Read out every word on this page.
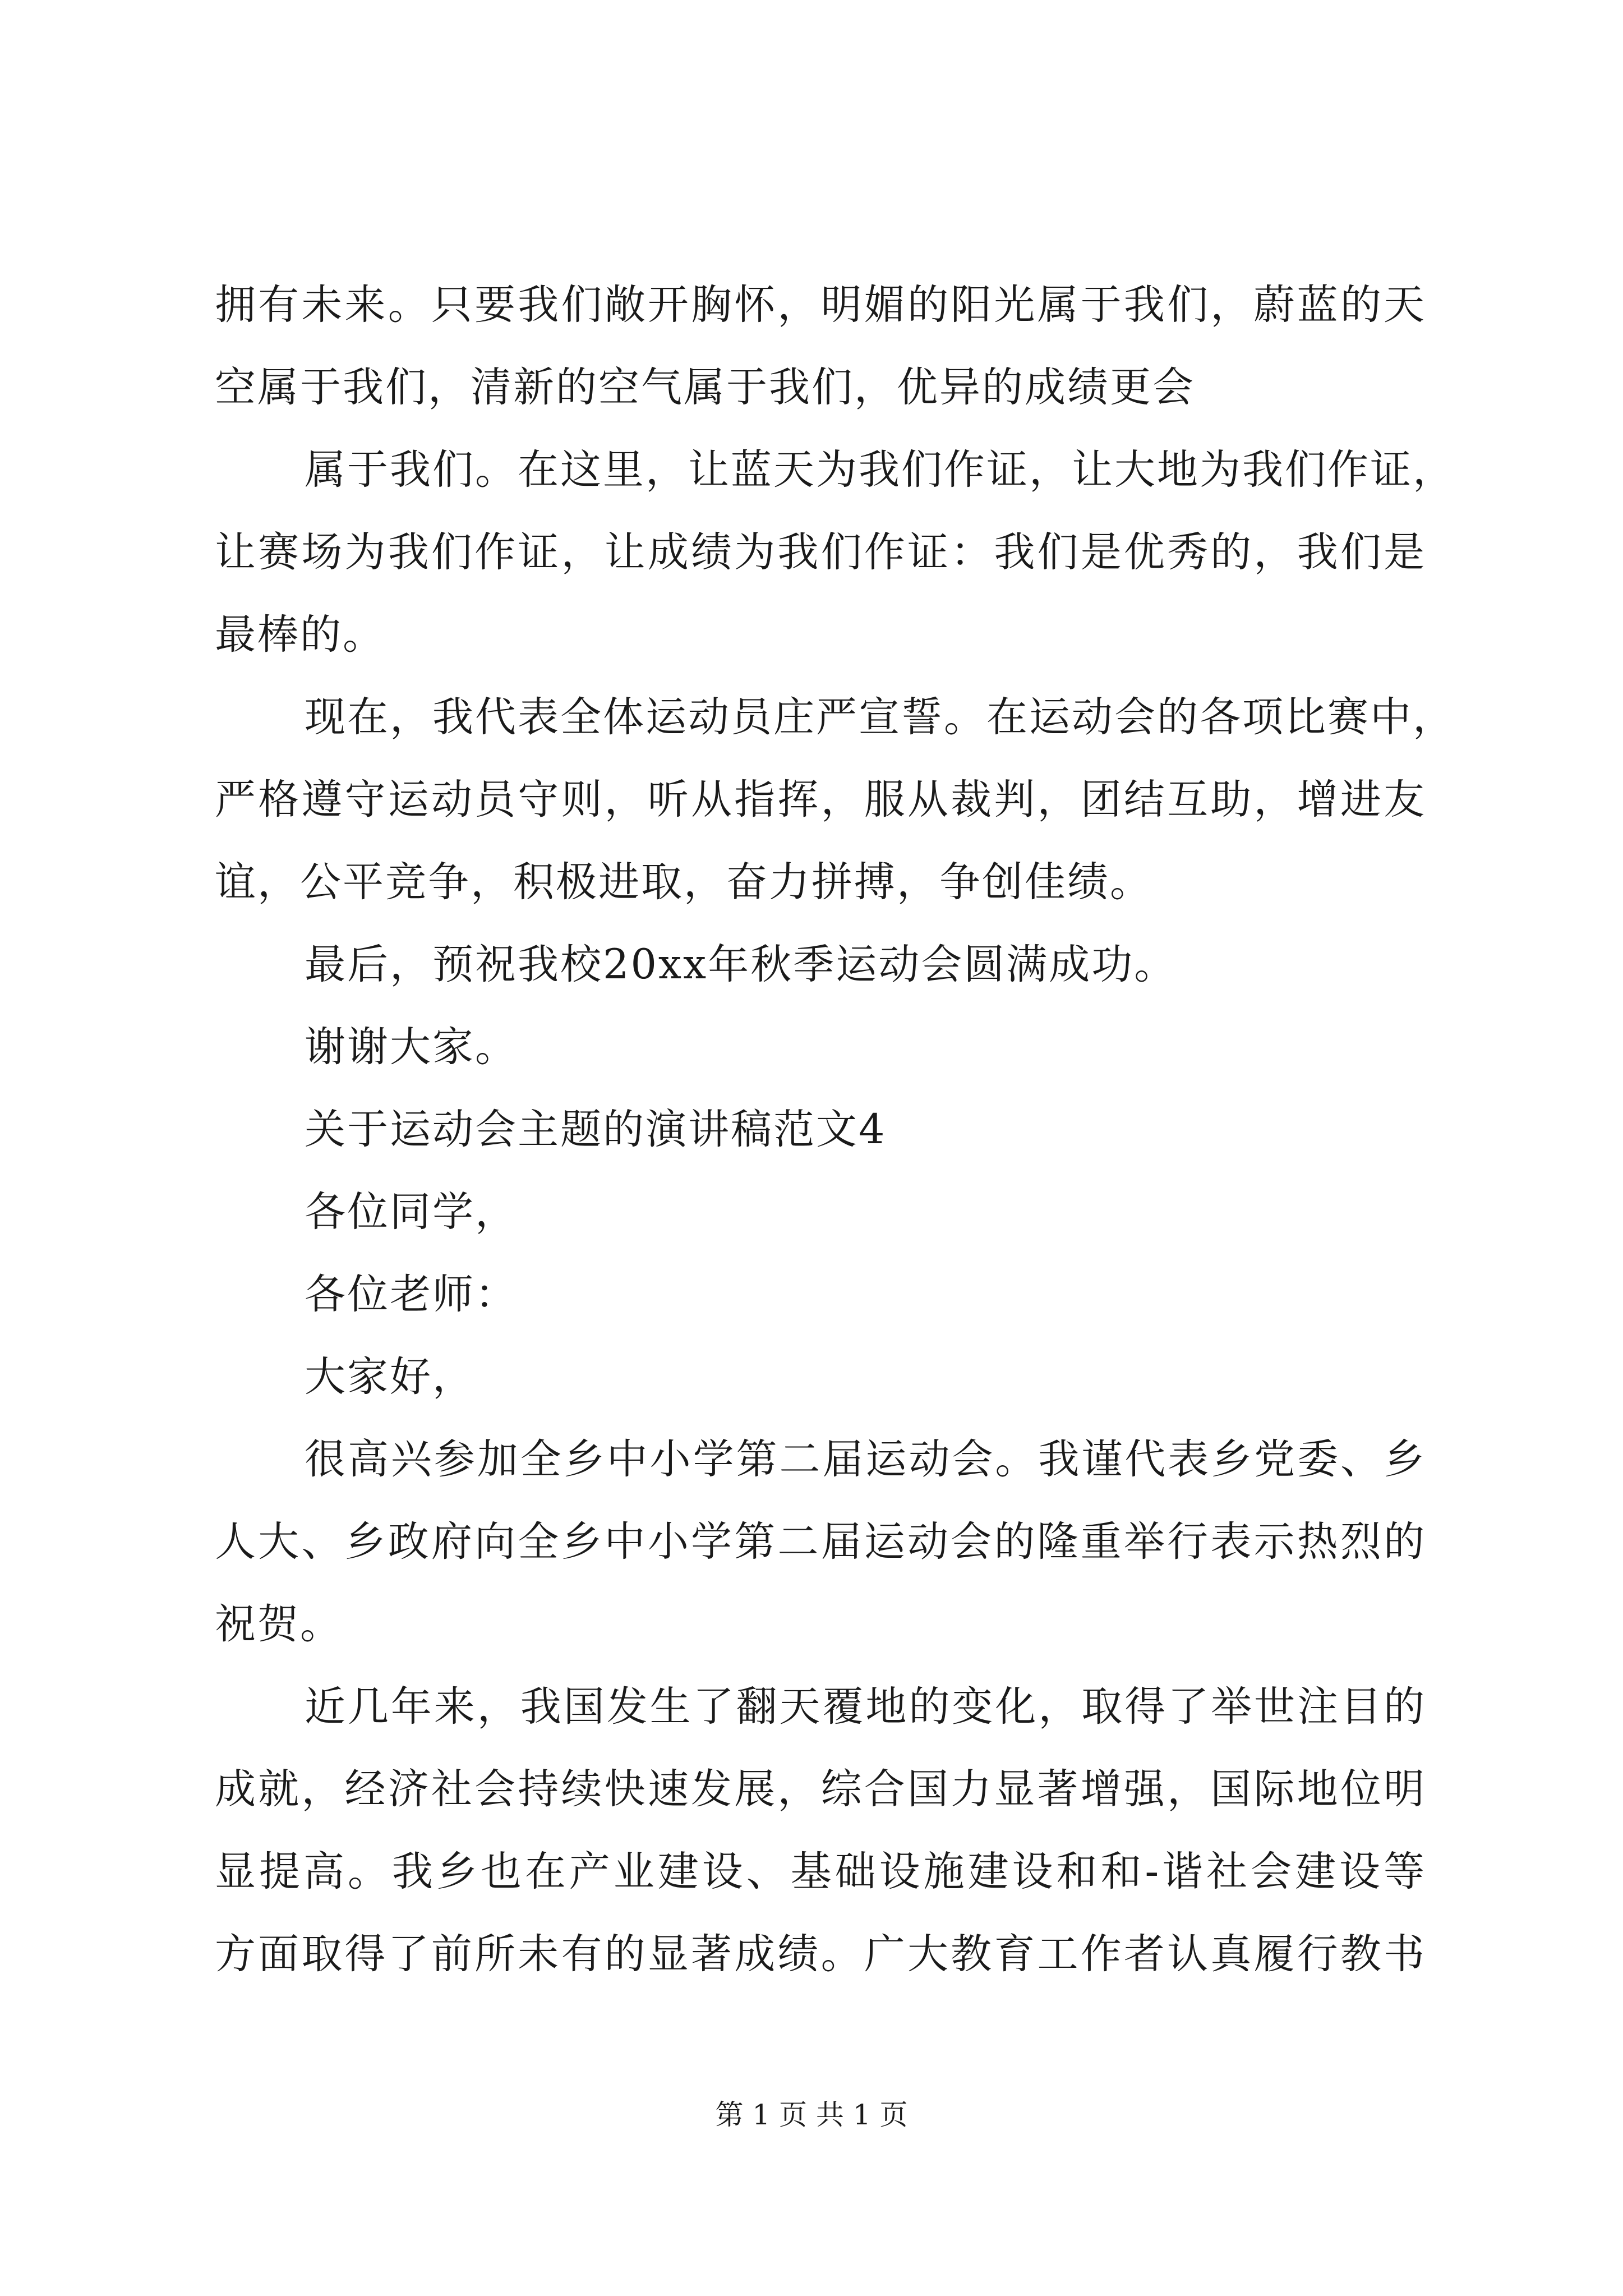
拥有未来。只要我们敞开胸怀，明媚的阳光属于我们，蔚蓝的天
空属于我们，清新的空气属于我们，优异的成绩更会
属于我们。在这里，让蓝天为我们作证，让大地为我们作证，
让赛场为我们作证，让成绩为我们作证：我们是优秀的，我们是
最棒的。
现在，我代表全体运动员庄严宣誓。在运动会的各项比赛中，
严格遵守运动员守则，听从指挥，服从裁判，团结互助，增进友
谊，公平竞争，积极进取，奋力拼搏，争创佳绩。
最后，预祝我校20xx年秋季运动会圆满成功。
谢谢大家。
关于运动会主题的演讲稿范文4
各位同学，
各位老师：
大家好，
很高兴参加全乡中小学第二届运动会。我谨代表乡党委、乡
人大、乡政府向全乡中小学第二届运动会的隆重举行表示热烈的
祝贺。
近几年来，我国发生了翻天覆地的变化，取得了举世注目的
成就，经济社会持续快速发展，综合国力显著增强，国际地位明
显提高。我乡也在产业建设、基础设施建设和和-谐社会建设等
方面取得了前所未有的显著成绩。广大教育工作者认真履行教书
第 1 页 共 1 页
